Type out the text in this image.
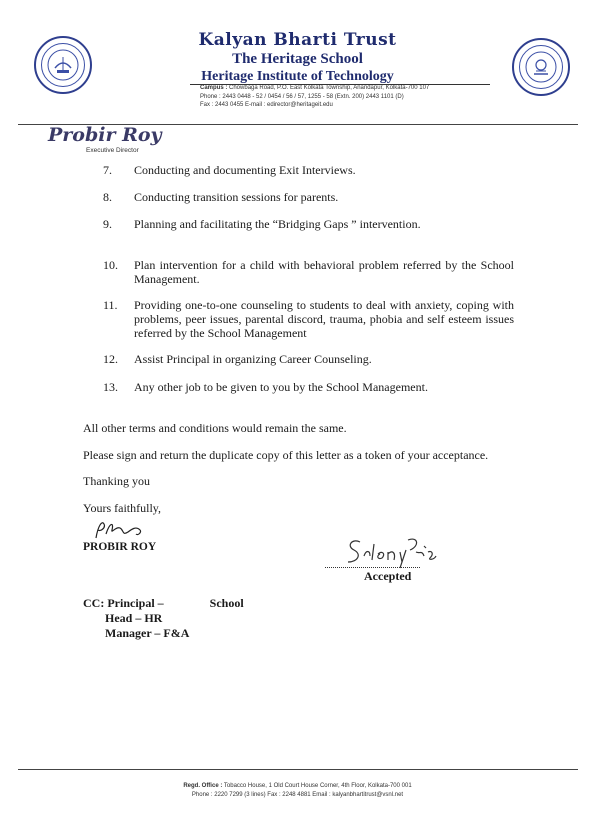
Kalyan Bharti Trust
The Heritage School
Heritage Institute of Technology
Campus : Chowbaga Road, P.O. East Kolkata Township, Anandapur, Kolkata-700 107
Phone : 2443 0448 - 52 / 0454 / 56 / 57, 1255 - 58 (Extn. 200) 2443 1101 (D)
Fax : 2443 0455 E-mail : edirector@heritageit.edu
Probir Roy
Executive Director
7. Conducting and documenting Exit Interviews.
8. Conducting transition sessions for parents.
9. Planning and facilitating the “Bridging Gaps ” intervention.
10. Plan intervention for a child with behavioral problem referred by the School Management.
11. Providing one-to-one counseling to students to deal with anxiety, coping with problems, peer issues, parental discord, trauma, phobia and self esteem issues referred by the School Management
12. Assist Principal in organizing Career Counseling.
13. Any other job to be given to you by the School Management.
All other terms and conditions would remain the same.
Please sign and return the duplicate copy of this letter as a token of your acceptance.
Thanking you
Yours faithfully,
PROBIR ROY
Accepted
CC: Principal –	School
Head – HR
Manager – F&A
Regd. Office : Tobacco House, 1 Old Court House Corner, 4th Floor, Kolkata-700 001
Phone : 2220 7299 (3 lines) Fax : 2248 4881 Email : kalyanbhartitrust@vsnl.net
